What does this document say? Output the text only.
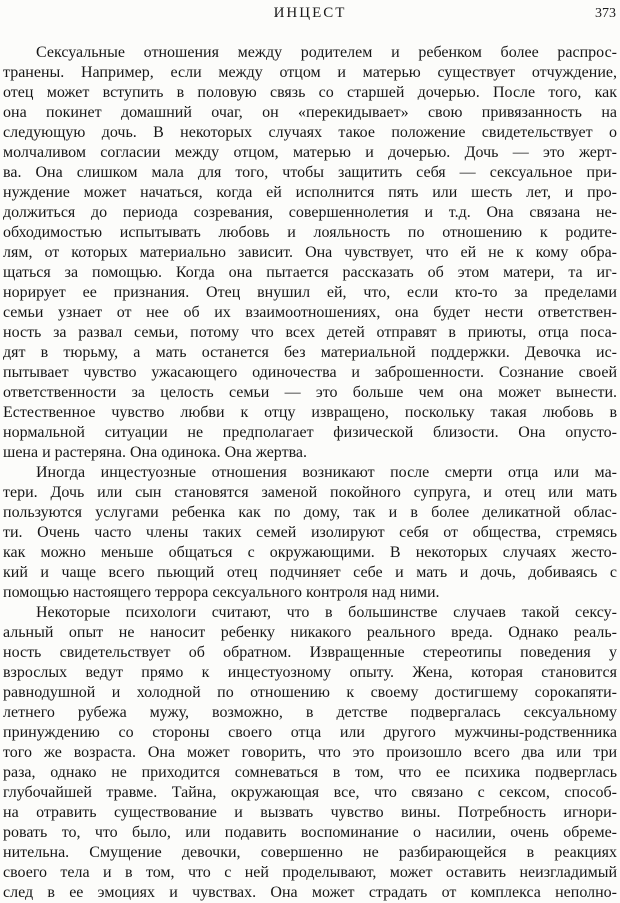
ИНЦЕСТ	373
Сексуальные отношения между родителем и ребенком более распрос-
транены. Например, если между отцом и матерью существует отчуждение,
отец может вступить в половую связь со старшей дочерью. После того, как
она покинет домашний очаг, он «перекидывает» свою привязанность на
следующую дочь. В некоторых случаях такое положение свидетельствует о
молчаливом согласии между отцом, матерью и дочерью. Дочь — это жерт-
ва. Она слишком мала для того, чтобы защитить себя — сексуальное при-
нуждение может начаться, когда ей исполнится пять или шесть лет, и про-
должиться до периода созревания, совершеннолетия и т.д. Она связана не-
обходимостью испытывать любовь и лояльность по отношению к родите-
лям, от которых материально зависит. Она чувствует, что ей не к кому обра-
щаться за помощью. Когда она пытается рассказать об этом матери, та иг-
норирует ее признания. Отец внушил ей, что, если кто-то за пределами
семьи узнает от нее об их взаимоотношениях, она будет нести ответствен-
ность за развал семьи, потому что всех детей отправят в приюты, отца поса-
дят в тюрьму, а мать останется без материальной поддержки. Девочка ис-
пытывает чувство ужасающего одиночества и заброшенности. Сознание своей
ответственности за целость семьи — это больше чем она может вынести.
Естественное чувство любви к отцу извращено, поскольку такая любовь в
нормальной ситуации не предполагает физической близости. Она опусто-
шена и растеряна. Она одинока. Она жертва.
Иногда инцестуозные отношения возникают после смерти отца или ма-
тери. Дочь или сын становятся заменой покойного супруга, и отец или мать
пользуются услугами ребенка как по дому, так и в более деликатной облас-
ти. Очень часто члены таких семей изолируют себя от общества, стремясь
как можно меньше общаться с окружающими. В некоторых случаях жесто-
кий и чаще всего пьющий отец подчиняет себе и мать и дочь, добиваясь с
помощью настоящего террора сексуального контроля над ними.
Некоторые психологи считают, что в большинстве случаев такой сексу-
альный опыт не наносит ребенку никакого реального вреда. Однако реаль-
ность свидетельствует об обратном. Извращенные стереотипы поведения у
взрослых ведут прямо к инцестуозному опыту. Жена, которая становится
равнодушной и холодной по отношению к своему достигшему сорокапяти-
летнего рубежа мужу, возможно, в детстве подвергалась сексуальному
принуждению со стороны своего отца или другого мужчины-родственника
того же возраста. Она может говорить, что это произошло всего два или три
раза, однако не приходится сомневаться в том, что ее психика подверглась
глубочайшей травме. Тайна, окружающая все, что связано с сексом, способ-
на отравить существование и вызвать чувство вины. Потребность игнори-
ровать то, что было, или подавить воспоминание о насилии, очень обреме-
нительна. Смущение девочки, совершенно не разбирающейся в реакциях
своего тела и в том, что с ней проделывают, может оставить неизгладимый
след в ее эмоциях и чувствах. Она может страдать от комплекса неполно-
